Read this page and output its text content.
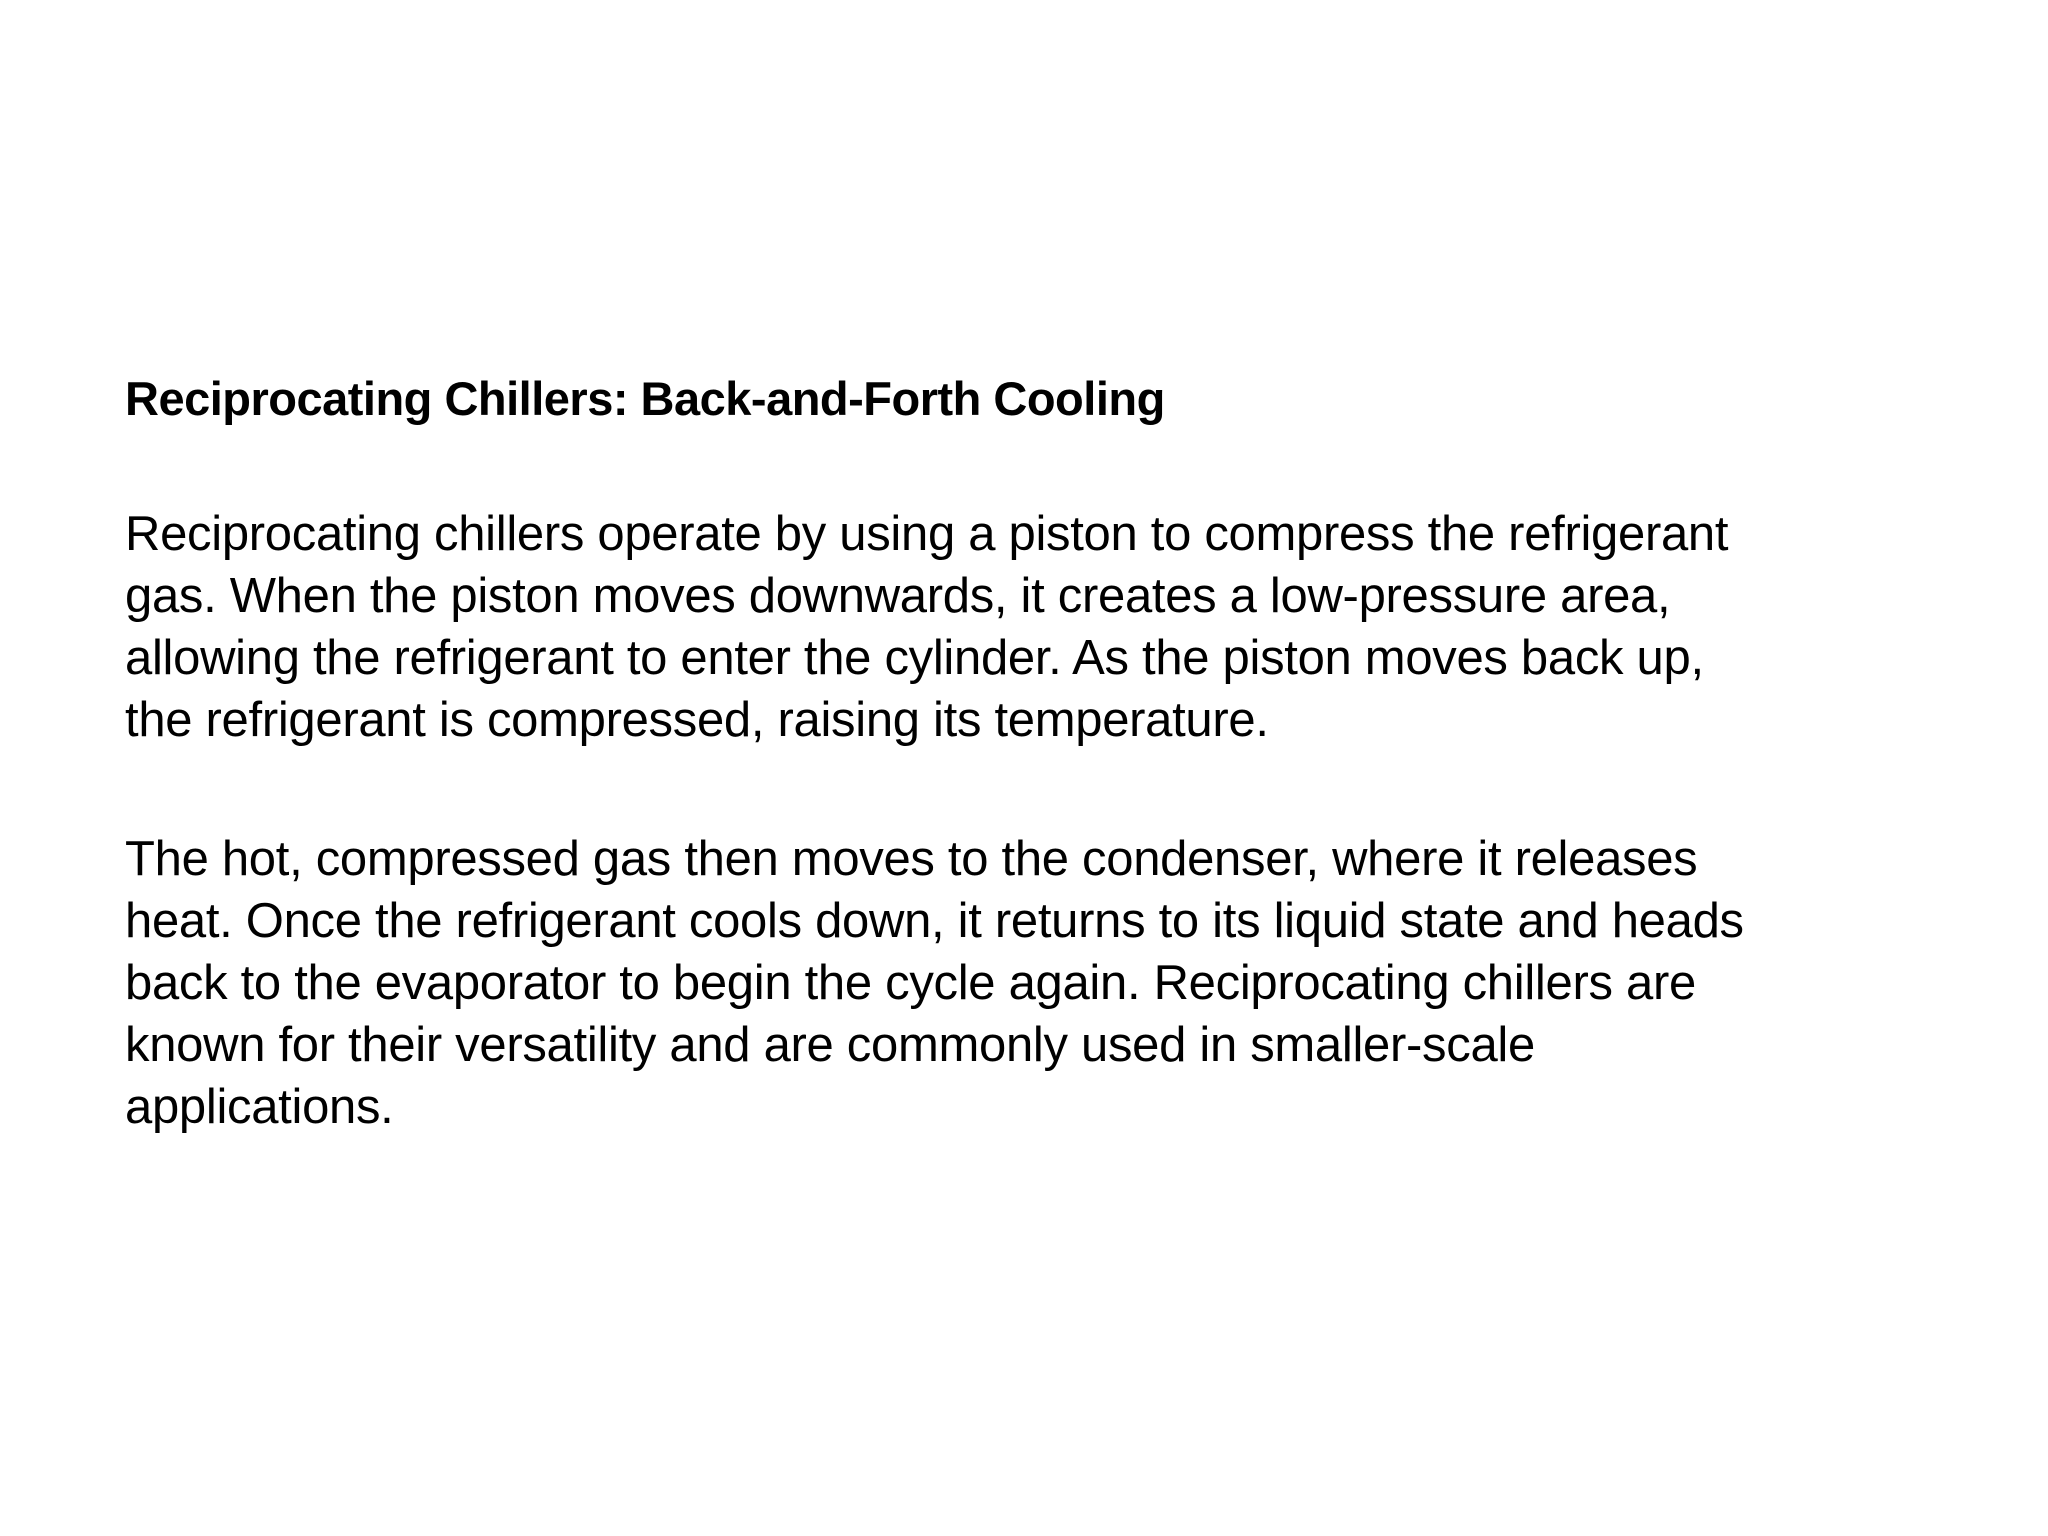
Reciprocating Chillers: Back-and-Forth Cooling

Reciprocating chillers operate by using a piston to compress the refrigerant
gas. When the piston moves downwards, it creates a low-pressure area,
allowing the refrigerant to enter the cylinder. As the piston moves back up,
the refrigerant is compressed, raising its temperature.

The hot, compressed gas then moves to the condenser, where it releases
heat. Once the refrigerant cools down, it returns to its liquid state and heads
back to the evaporator to begin the cycle again. Reciprocating chillers are
known for their versatility and are commonly used in smaller-scale
applications.
